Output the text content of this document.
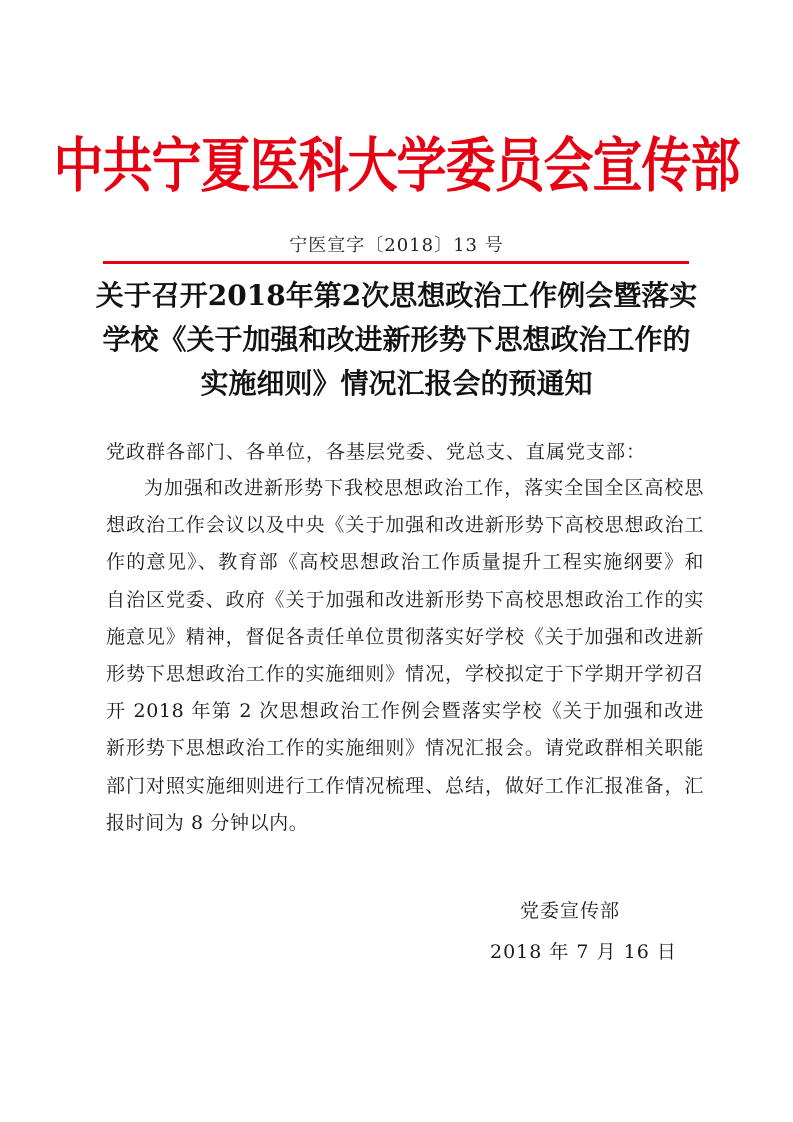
中共宁夏医科大学委员会宣传部
宁医宣字〔2018〕13 号
关于召开2018年第2次思想政治工作例会暨落实学校《关于加强和改进新形势下思想政治工作的实施细则》情况汇报会的预通知

党政群各部门、各单位，各基层党委、党总支、直属党支部：

为加强和改进新形势下我校思想政治工作，落实全国全区高校思想政治工作会议以及中央《关于加强和改进新形势下高校思想政治工作的意见》、教育部《高校思想政治工作质量提升工程实施纲要》和自治区党委、政府《关于加强和改进新形势下高校思想政治工作的实施意见》精神，督促各责任单位贯彻落实好学校《关于加强和改进新形势下思想政治工作的实施细则》情况，学校拟定于下学期开学初召开 2018 年第 2 次思想政治工作例会暨落实学校《关于加强和改进新形势下思想政治工作的实施细则》情况汇报会。请党政群相关职能部门对照实施细则进行工作情况梳理、总结，做好工作汇报准备，汇报时间为 8 分钟以内。

党委宣传部
2018 年 7 月 16 日
